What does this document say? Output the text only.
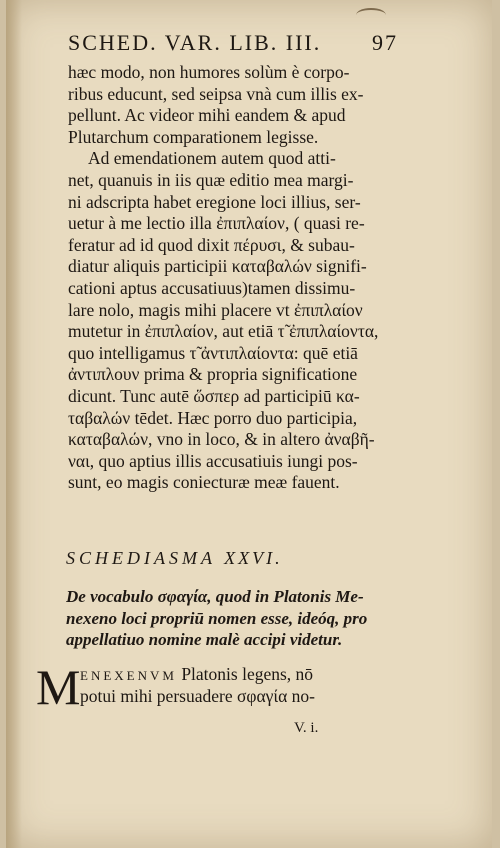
SCHED. VAR. LIB. III. 97
hæc modo, non humores solùm è corpo-
ribus educunt, sed seipsa vnà cum illis ex-
pellunt. Ac videor mihi eandem & apud
Plutarchum comparationem legisse.
Ad emendationem autem quod atti-
net, quanuis in iis quæ editio mea margi-
ni adscripta habet eregione loci illius, ser-
uetur à me lectio illa ἐπιπλαίον, ( quasi re-
feratur ad id quod dixit πέρυσι, & subau-
diatur aliquis participii καταβαλών signifi-
cationi aptus accusatiuus)tamen dissimu-
lare nolo, magis mihi placere vt ἐπιπλαίον
mutetur in ἐπιπλαίον, aut etiā τ̃ ἐπιπλαίοντα,
quo intelligamus τ̃ ἀντιπλαίοντα: quē etiā
ἀντιπλουν prima & propria significatione
dicunt. Tunc autē ὥσπερ ad participiū κα-
ταβαλών tēdet. Hæc porro duo participia,
καταβαλών, vno in loco, & in altero ἀναβῆ-
ναι, quo aptius illis accusatiuis iungi pos-
sunt, eo magis coniecturæ meæ fauent.
SCHEDIASMA XXVI.
De vocabulo σφαγία, quod in Platonis Me-
nexeno loci propriū nomen esse, ideóq, pro
appellatiuo nomine malè accipi videtur.
M ENEXENVM Platonis legens, nō
potui mihi persuadere σφαγία no-
V. i.
